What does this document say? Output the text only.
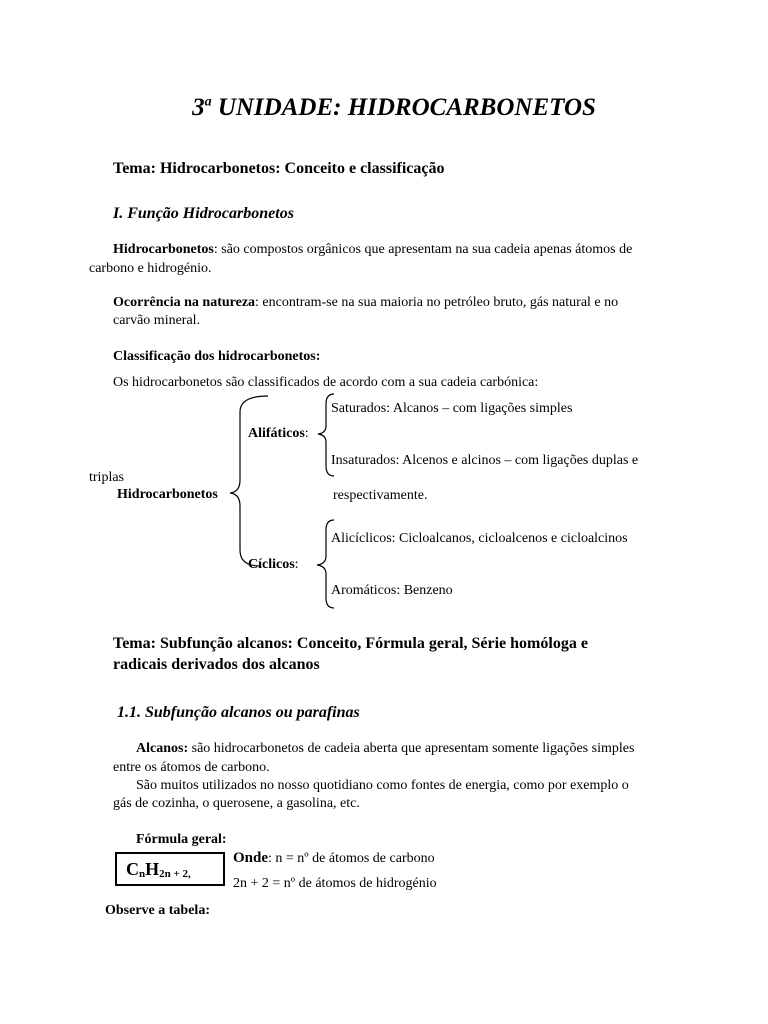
3$^a$ UNIDADE: HIDROCARBONETOS
Tema: Hidrocarbonetos: Conceito e classificação
I. Função Hidrocarbonetos
Hidrocarbonetos: são compostos orgânicos que apresentam na sua cadeia apenas átomos de
carbono e hidrogénio.
Ocorrência na natureza: encontram-se na sua maioria no petróleo bruto, gás natural e no
carvão mineral.
Classificação dos hidrocarbonetos:
Os hidrocarbonetos são classificados de acordo com a sua cadeia carbónica:
Saturados: Alcanos – com ligações simples
Alifáticos:
Insaturados: Alcenos e alcinos – com ligações duplas e
triplas
Hidrocarbonetos	respectivamente.
Alicíclicos: Cicloalcanos, cicloalcenos e cicloalcinos
Cíclicos:
Aromáticos: Benzeno
Tema: Subfunção alcanos: Conceito, Fórmula geral, Série homóloga e
radicais derivados dos alcanos
1.1. Subfunção alcanos ou parafinas
Alcanos: são hidrocarbonetos de cadeia aberta que apresentam somente ligações simples
entre os átomos de carbono.
São muitos utilizados no nosso quotidiano como fontes de energia, como por exemplo o
gás de cozinha, o querosene, a gasolina, etc.
Fórmula geral:
$C_nH_{2n + 2,}$
Onde: n = nº de átomos de carbono
2n + 2 = nº de átomos de hidrogénio
Observe a tabela:
